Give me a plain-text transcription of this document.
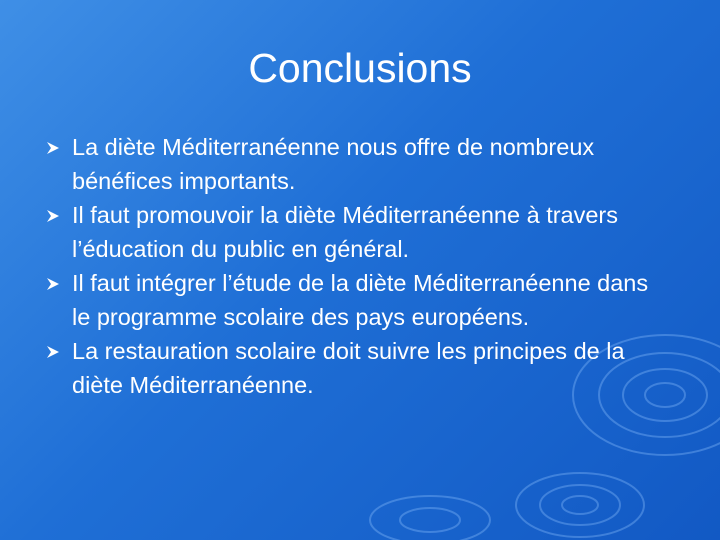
Conclusions
La diète Méditerranéenne nous offre de nombreux bénéfices importants.
Il faut promouvoir la diète Méditerranéenne à travers l’éducation du public en général.
Il faut intégrer l’étude de la diète Méditerranéenne dans le programme scolaire des pays européens.
La restauration scolaire doit suivre les principes de la diète Méditerranéenne.
